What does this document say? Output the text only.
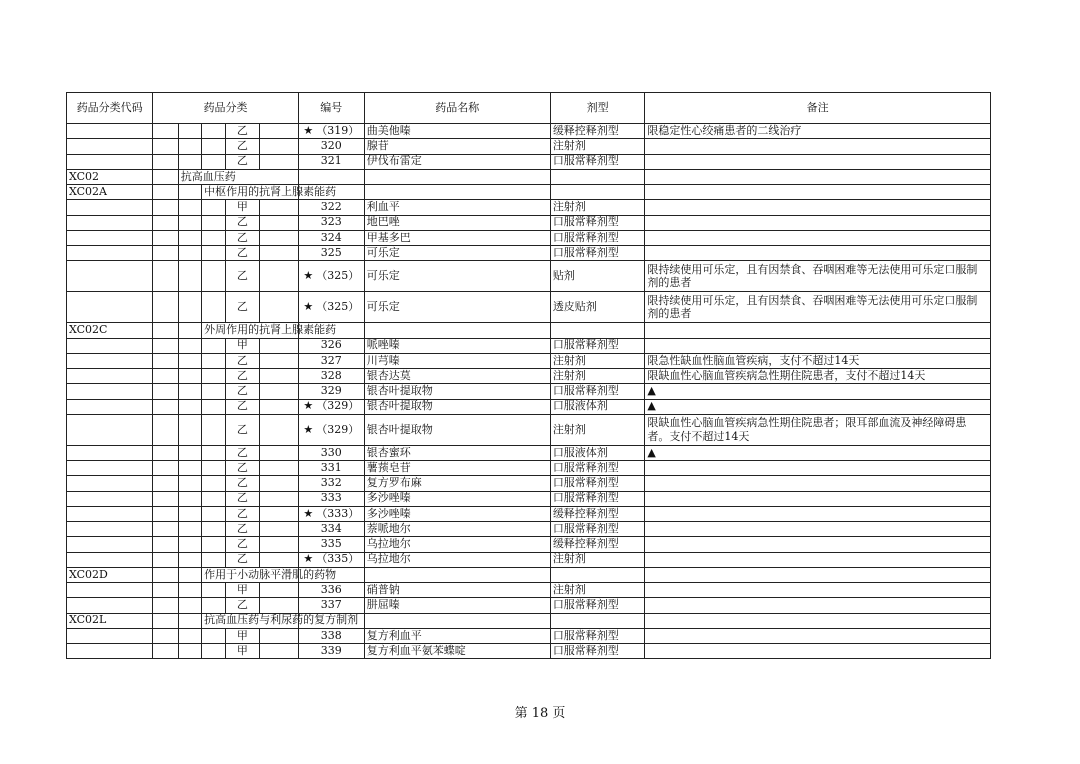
药品分类代码	药品分类					编号	药品名称	剂型	备注
				乙		★ （319）	曲美他嗪	缓释控释剂型	限稳定性心绞痛患者的二线治疗
				乙		320	腺苷	注射剂	
				乙		321	伊伐布雷定	口服常释剂型	
XC02		抗高血压药							
XC02A			中枢作用的抗肾上腺素能药						
				甲		322	利血平	注射剂	
				乙		323	地巴唑	口服常释剂型	
				乙		324	甲基多巴	口服常释剂型	
				乙		325	可乐定	口服常释剂型	
				乙		★ （325）	可乐定	贴剂	限持续使用可乐定，且有因禁食、吞咽困难等无法使用可乐定口服制剂的患者
				乙		★ （325）	可乐定	透皮贴剂	限持续使用可乐定，且有因禁食、吞咽困难等无法使用可乐定口服制剂的患者
XC02C			外周作用的抗肾上腺素能药						
				甲		326	哌唑嗪	口服常释剂型	
				乙		327	川芎嗪	注射剂	限急性缺血性脑血管疾病，支付不超过14天
				乙		328	银杏达莫	注射剂	限缺血性心脑血管疾病急性期住院患者，支付不超过14天
				乙		329	银杏叶提取物	口服常释剂型	▲
				乙		★ （329）	银杏叶提取物	口服液体剂	▲
				乙		★ （329）	银杏叶提取物	注射剂	限缺血性心脑血管疾病急性期住院患者；限耳部血流及神经障碍患者。支付不超过14天
				乙		330	银杏蜜环	口服液体剂	▲
				乙		331	薯蓣皂苷	口服常释剂型	
				乙		332	复方罗布麻	口服常释剂型	
				乙		333	多沙唑嗪	口服常释剂型	
				乙		★ （333）	多沙唑嗪	缓释控释剂型	
				乙		334	萘哌地尔	口服常释剂型	
				乙		335	乌拉地尔	缓释控释剂型	
				乙		★ （335）	乌拉地尔	注射剂	
XC02D			作用于小动脉平滑肌的药物						
				甲		336	硝普钠	注射剂	
				乙		337	肼屈嗪	口服常释剂型	
XC02L			抗高血压药与利尿药的复方制剂						
				甲		338	复方利血平	口服常释剂型	
				甲		339	复方利血平氨苯蝶啶	口服常释剂型	
第 18 页
